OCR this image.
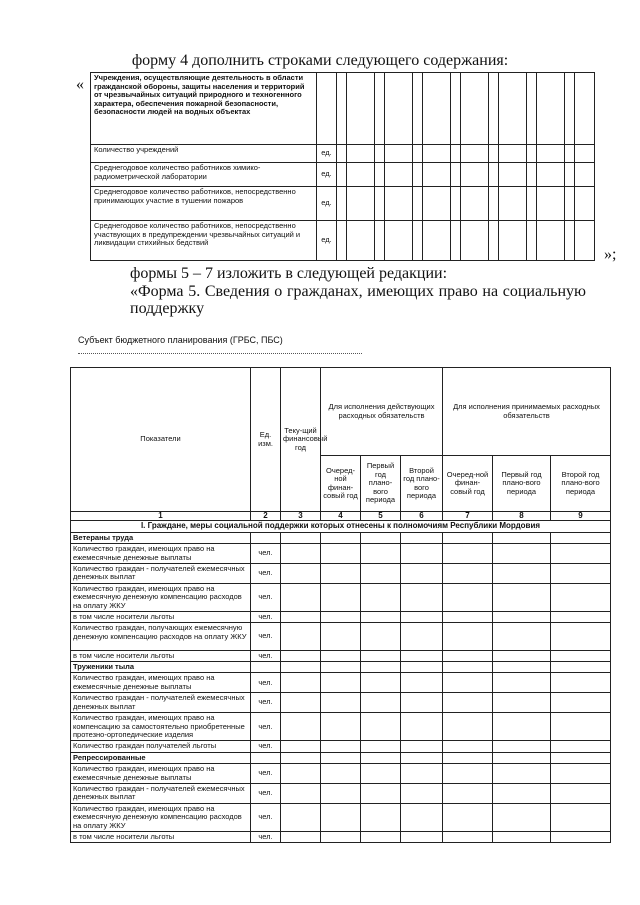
форму 4 дополнить строками следующего содержания:
« Учреждения, осуществляющие деятельность в области гражданской обороны, защиты населения и территорий от чрезвычайных ситуаций природного и техногенного характера, обеспечения пожарной безопасности, безопасности людей на водных объектах															
Количество учреждений	ед.														
Среднегодовое количество работников химико-радиометрической лаборатории	ед.														
Среднегодовое количество работников, непосредственно принимающих участие в тушении пожаров	ед.														
Среднегодовое количество работников, непосредственно участвующих в предупреждении чрезвычайных ситуаций и ликвидации стихийных бедствий	ед.														
»;
формы 5 – 7 изложить в следующей редакции:
«Форма 5. Сведения о гражданах, имеющих право на социальную
поддержку
Субъект бюджетного планирования (ГРБС, ПБС)
Показатели	Ед. изм.	Теку-щий финансовый год	Для исполнения действующих расходных обязательств			Для исполнения принимаемых расходных обязательств		
			Очеред-ной финан-совый год	Первый год плано-вого периода	Второй год плано-вого периода	Очеред-ной финан-совый год	Первый год плано-вого периода	Второй год плано-вого периода
1	2	3	4	5	6	7	8	9
I. Граждане, меры социальной поддержки которых отнесены к полномочиям Республики Мордовия								
Ветераны труда								
Количество граждан, имеющих право на ежемесячные денежные выплаты	чел.							
Количество граждан - получателей ежемесячных денежных выплат	чел.							
Количество граждан, имеющих право на ежемесячную денежную компенсацию расходов на оплату ЖКУ	чел.							
в том числе носители льготы	чел.							
Количество граждан, получающих ежемесячную денежную компенсацию расходов на оплату ЖКУ	чел.							
в том числе носители льготы	чел.							
Труженики тыла								
Количество граждан, имеющих право на ежемесячные денежные выплаты	чел.							
Количество граждан - получателей ежемесячных денежных выплат	чел.							
Количество граждан, имеющих право на компенсацию за самостоятельно приобретенные протезно-ортопедические изделия	чел.							
Количество граждан получателей льготы	чел.							
Репрессированные								
Количество граждан, имеющих право на ежемесячные денежные выплаты	чел.							
Количество граждан - получателей ежемесячных денежных выплат	чел.							
Количество граждан, имеющих право на ежемесячную денежную компенсацию расходов на оплату ЖКУ	чел.							
в том числе носители льготы	чел.							
